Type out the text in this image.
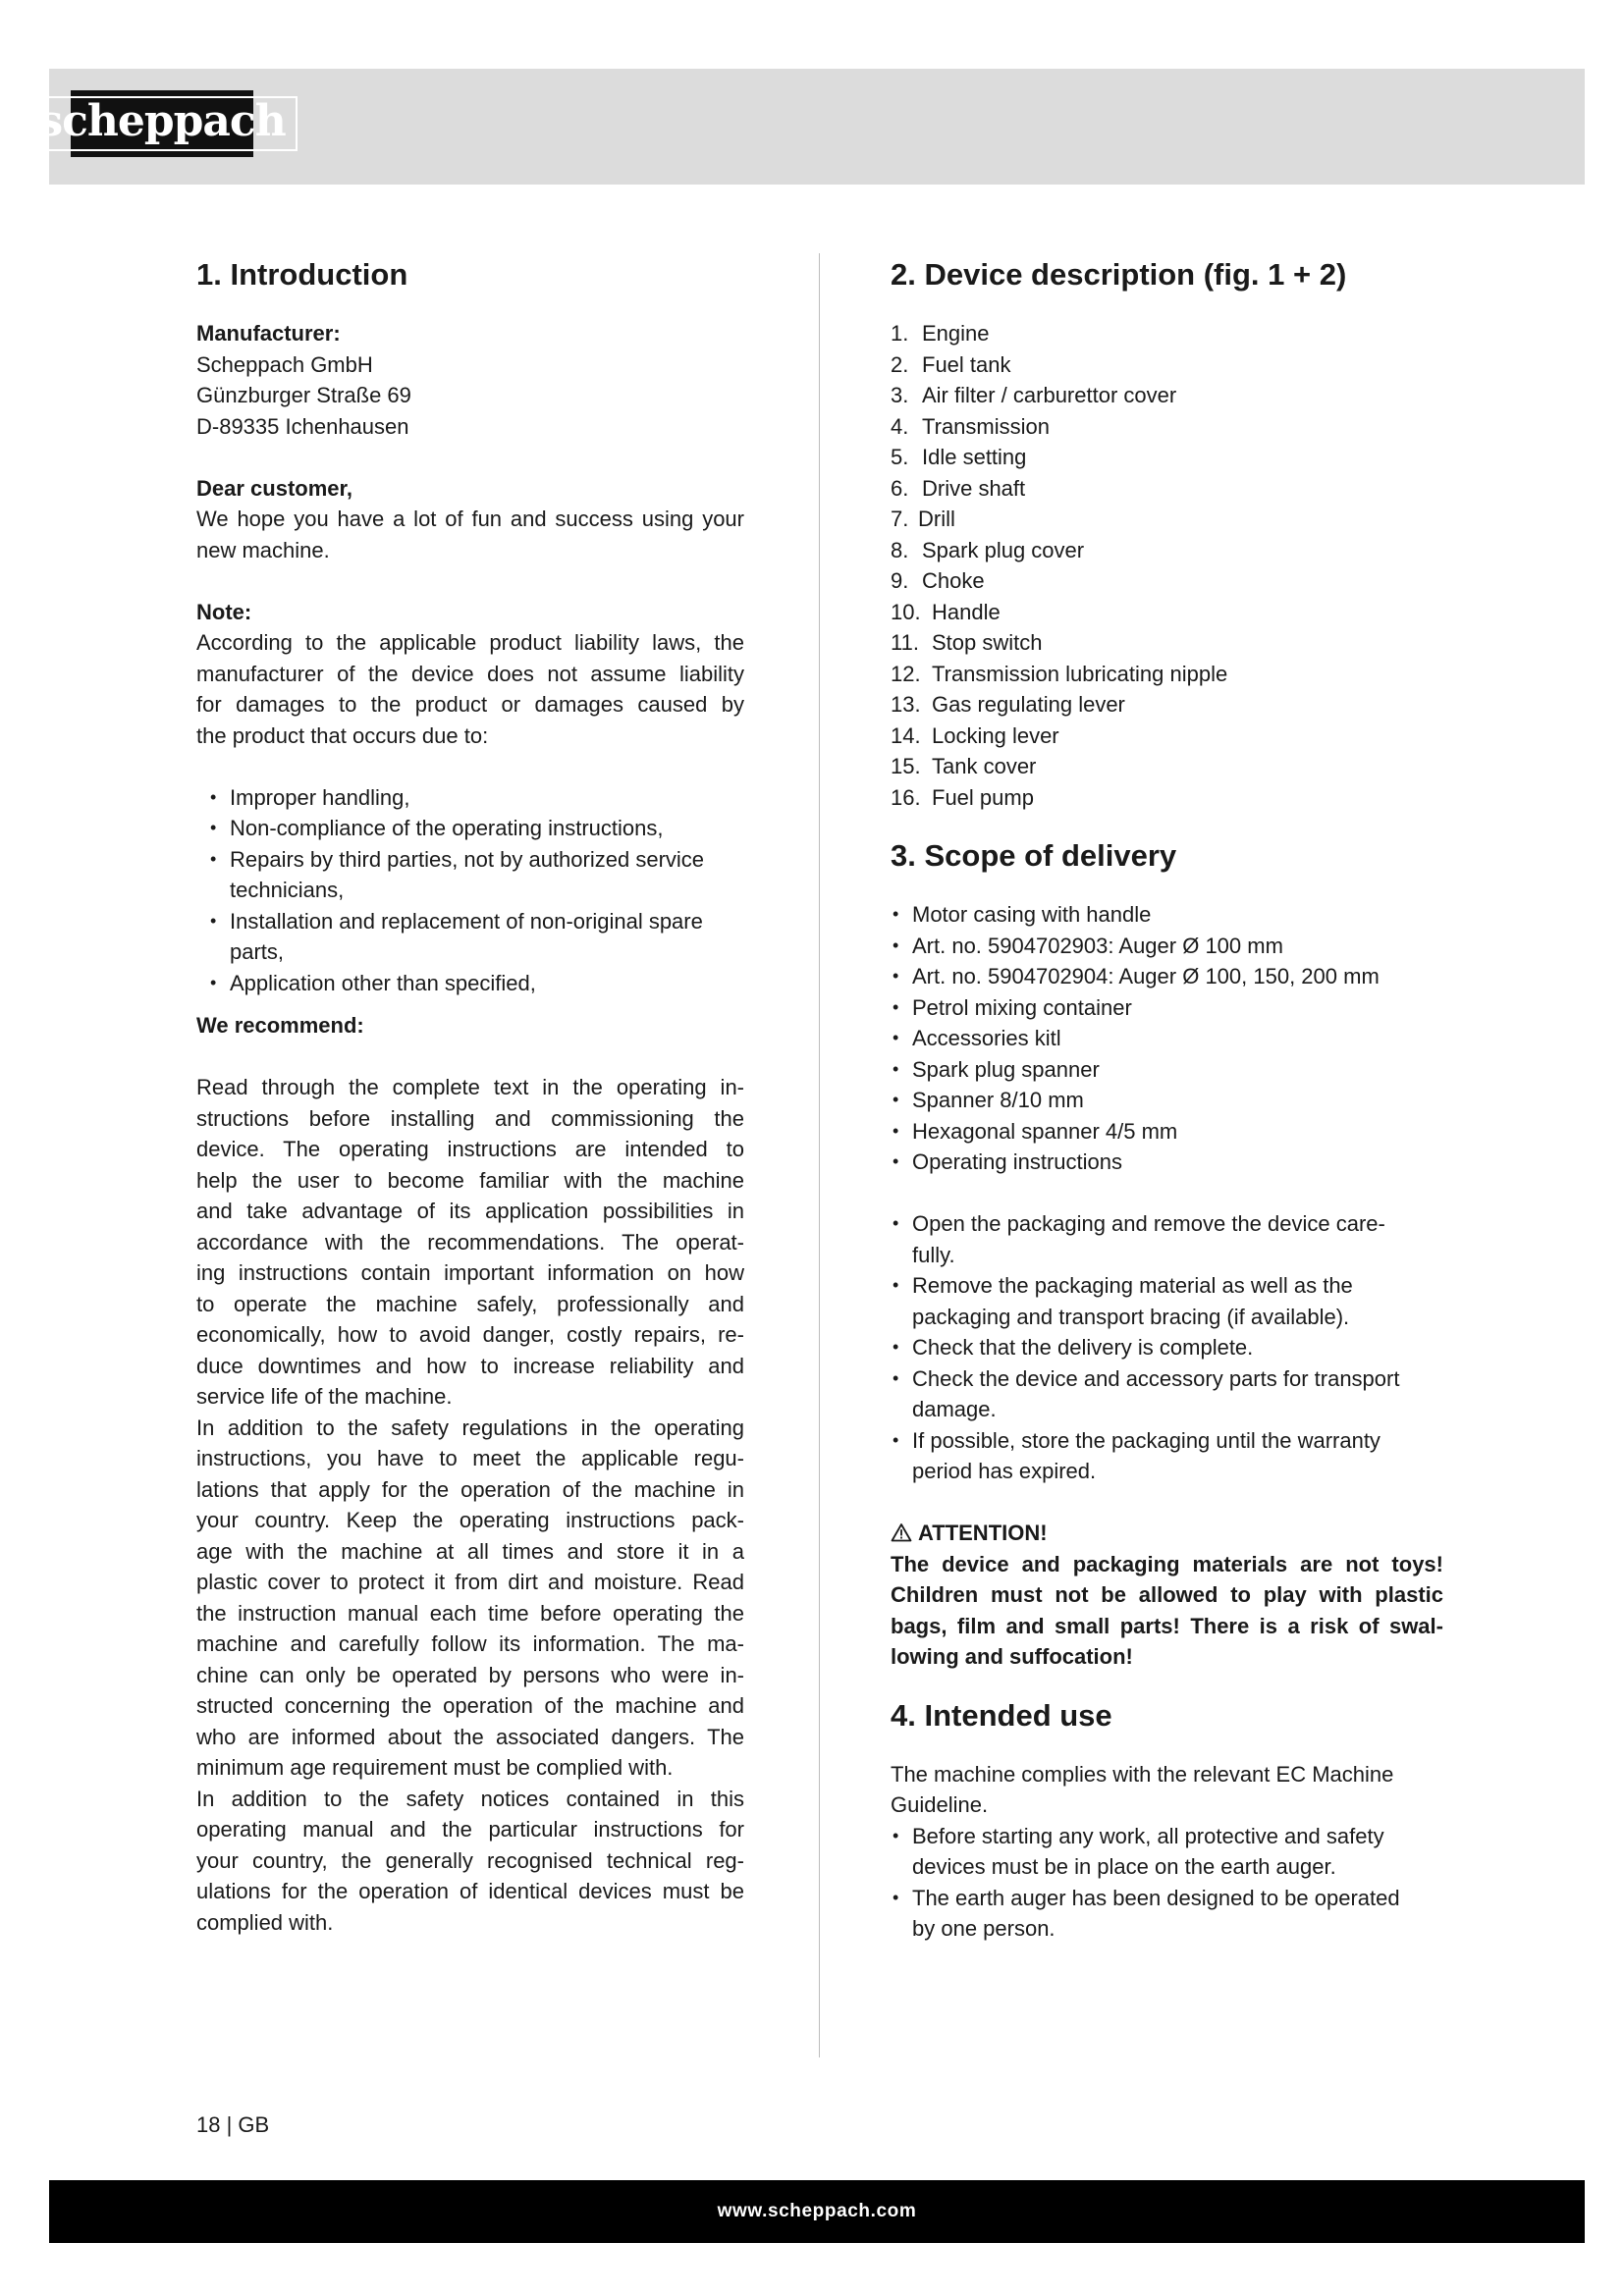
scheppach
1. Introduction
Manufacturer:
Scheppach GmbH
Günzburger Straße 69
D-89335 Ichenhausen
Dear customer,
We hope you have a lot of fun and success using your
new machine.
Note:
According to the applicable product liability laws, the
manufacturer of the device does not assume liability
for damages to the product or damages caused by
the product that occurs due to:
• Improper handling,
• Non-compliance of the operating instructions,
• Repairs by third parties, not by authorized service
technicians,
• Installation and replacement of non-original spare
parts,
• Application other than specified,
We recommend:
Read through the complete text in the operating in-
structions before installing and commissioning the
device. The operating instructions are intended to
help the user to become familiar with the machine
and take advantage of its application possibilities in
accordance with the recommendations. The operat-
ing instructions contain important information on how
to operate the machine safely, professionally and
economically, how to avoid danger, costly repairs, re-
duce downtimes and how to increase reliability and
service life of the machine.
In addition to the safety regulations in the operating
instructions, you have to meet the applicable regu-
lations that apply for the operation of the machine in
your country. Keep the operating instructions pack-
age with the machine at all times and store it in a
plastic cover to protect it from dirt and moisture. Read
the instruction manual each time before operating the
machine and carefully follow its information. The ma-
chine can only be operated by persons who were in-
structed concerning the operation of the machine and
who are informed about the associated dangers. The
minimum age requirement must be complied with.
In addition to the safety notices contained in this
operating manual and the particular instructions for
your country, the generally recognised technical reg-
ulations for the operation of identical devices must be
complied with.
2. Device description (fig. 1 + 2)
1. Engine
2. Fuel tank
3. Air filter / carburettor cover
4. Transmission
5. Idle setting
6. Drive shaft
7. Drill
8. Spark plug cover
9. Choke
10. Handle
11. Stop switch
12. Transmission lubricating nipple
13. Gas regulating lever
14. Locking lever
15. Tank cover
16. Fuel pump
3. Scope of delivery
• Motor casing with handle
• Art. no. 5904702903: Auger Ø 100 mm
• Art. no. 5904702904: Auger Ø 100, 150, 200 mm
• Petrol mixing container
• Accessories kitl
• Spark plug spanner
• Spanner 8/10 mm
• Hexagonal spanner 4/5 mm
• Operating instructions
• Open the packaging and remove the device care-
fully.
• Remove the packaging material as well as the
packaging and transport bracing (if available).
• Check that the delivery is complete.
• Check the device and accessory parts for transport
damage.
• If possible, store the packaging until the warranty
period has expired.
ATTENTION!
The device and packaging materials are not toys!
Children must not be allowed to play with plastic
bags, film and small parts! There is a risk of swal-
lowing and suffocation!
4. Intended use
The machine complies with the relevant EC Machine
Guideline.
• Before starting any work, all protective and safety
devices must be in place on the earth auger.
• The earth auger has been designed to be operated
by one person.
18 | GB
www.scheppach.com
